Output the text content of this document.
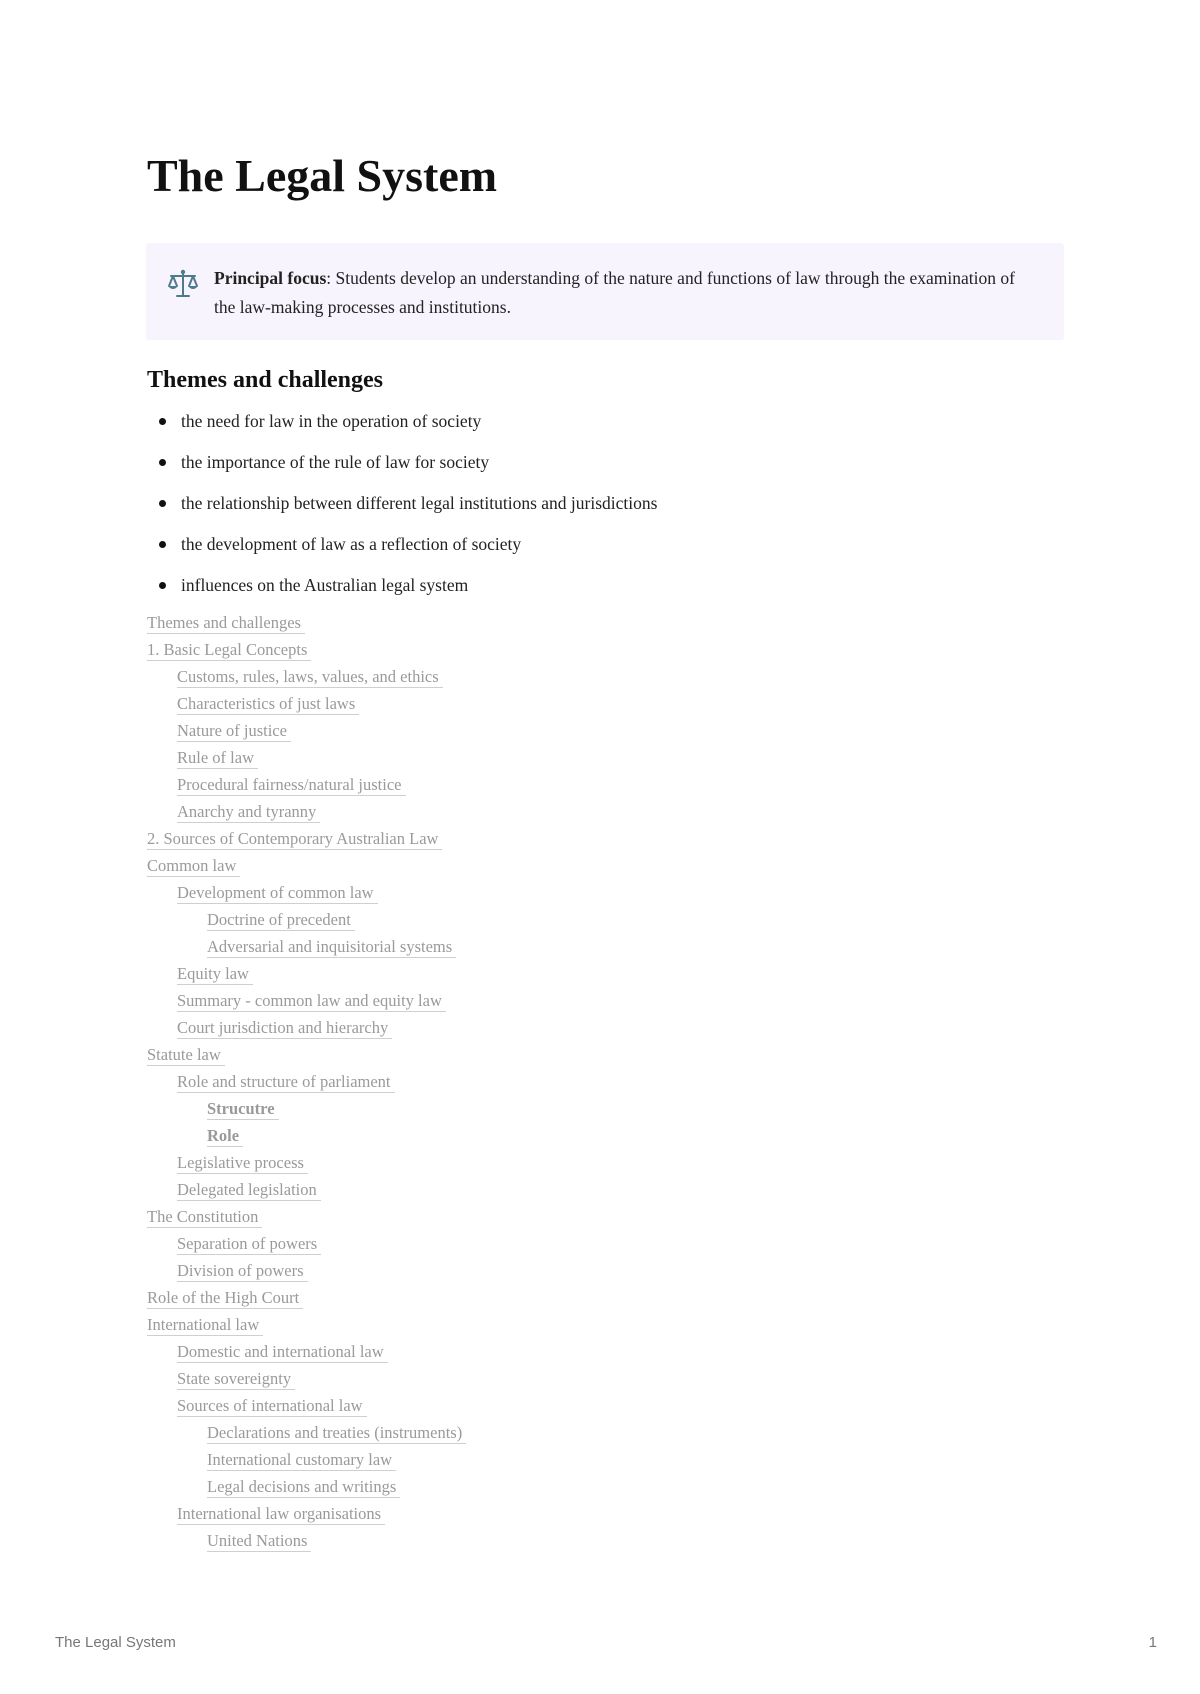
The Legal System
Principal focus: Students develop an understanding of the nature and functions of law through the examination of the law-making processes and institutions.
Themes and challenges
the need for law in the operation of society
the importance of the rule of law for society
the relationship between different legal institutions and jurisdictions
the development of law as a reflection of society
influences on the Australian legal system
Themes and challenges
1. Basic Legal Concepts
Customs, rules, laws, values, and ethics
Characteristics of just laws
Nature of justice
Rule of law
Procedural fairness/natural justice
Anarchy and tyranny
2. Sources of Contemporary Australian Law
Common law
Development of common law
Doctrine of precedent
Adversarial and inquisitorial systems
Equity law
Summary - common law and equity law
Court jurisdiction and hierarchy
Statute law
Role and structure of parliament
Strucutre
Role
Legislative process
Delegated legislation
The Constitution
Separation of powers
Division of powers
Role of the High Court
International law
Domestic and international law
State sovereignty
Sources of international law
Declarations and treaties (instruments)
International customary law
Legal decisions and writings
International law organisations
United Nations
The Legal System	1
